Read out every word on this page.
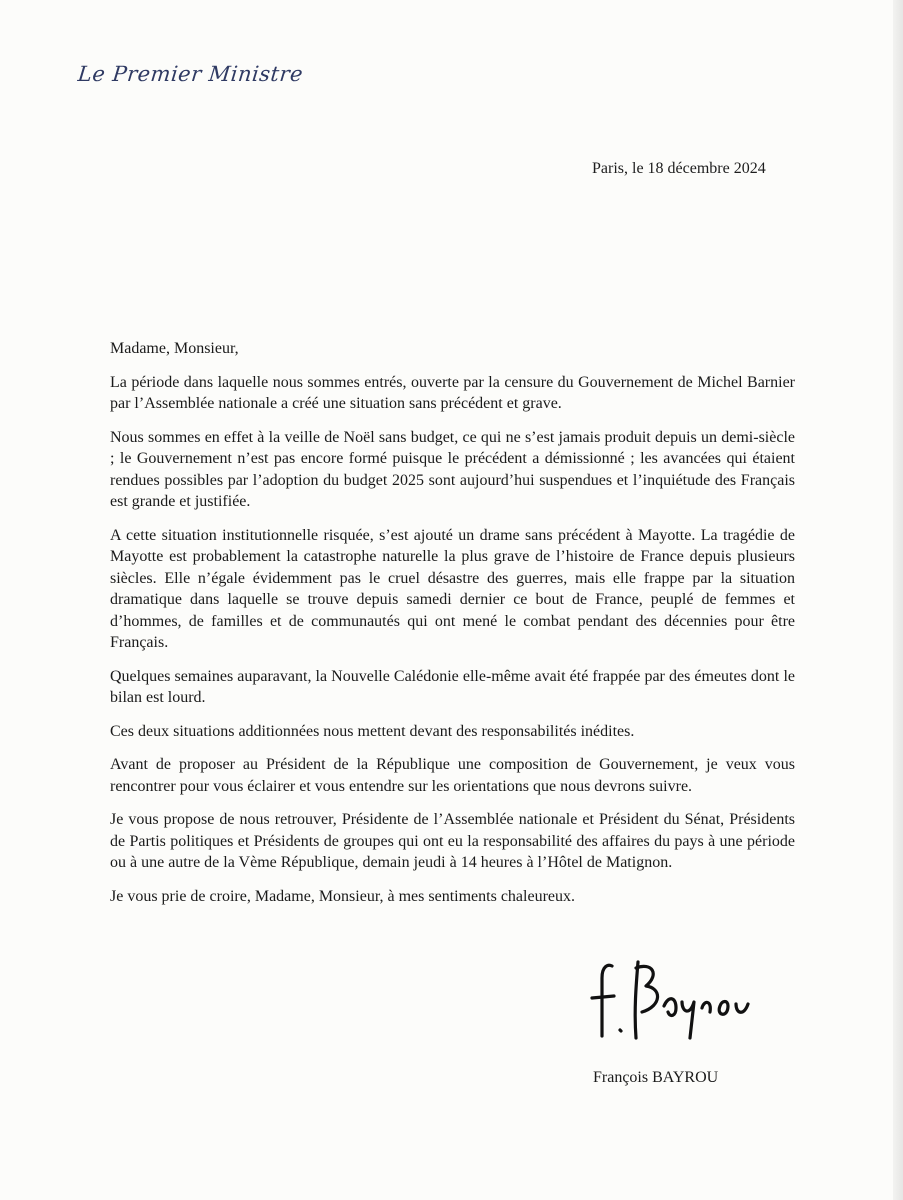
Le Premier Ministre
Paris, le 18 décembre 2024

Madame, Monsieur,

La période dans laquelle nous sommes entrés, ouverte par la censure du Gouvernement de Michel Barnier par l’Assemblée nationale a créé une situation sans précédent et grave.

Nous sommes en effet à la veille de Noël sans budget, ce qui ne s’est jamais produit depuis un demi-siècle ; le Gouvernement n’est pas encore formé puisque le précédent a démissionné ; les avancées qui étaient rendues possibles par l’adoption du budget 2025 sont aujourd’hui suspendues et l’inquiétude des Français est grande et justifiée.

A cette situation institutionnelle risquée, s’est ajouté un drame sans précédent à Mayotte. La tragédie de Mayotte est probablement la catastrophe naturelle la plus grave de l’histoire de France depuis plusieurs siècles. Elle n’égale évidemment pas le cruel désastre des guerres, mais elle frappe par la situation dramatique dans laquelle se trouve depuis samedi dernier ce bout de France, peuplé de femmes et d’hommes, de familles et de communautés qui ont mené le combat pendant des décennies pour être Français.

Quelques semaines auparavant, la Nouvelle Calédonie elle-même avait été frappée par des émeutes dont le bilan est lourd.

Ces deux situations additionnées nous mettent devant des responsabilités inédites.

Avant de proposer au Président de la République une composition de Gouvernement, je veux vous rencontrer pour vous éclairer et vous entendre sur les orientations que nous devrons suivre.

Je vous propose de nous retrouver, Présidente de l’Assemblée nationale et Président du Sénat, Présidents de Partis politiques et Présidents de groupes qui ont eu la responsabilité des affaires du pays à une période ou à une autre de la Vème République, demain jeudi à 14 heures à l’Hôtel de Matignon.

Je vous prie de croire, Madame, Monsieur, à mes sentiments chaleureux.

François BAYROU
